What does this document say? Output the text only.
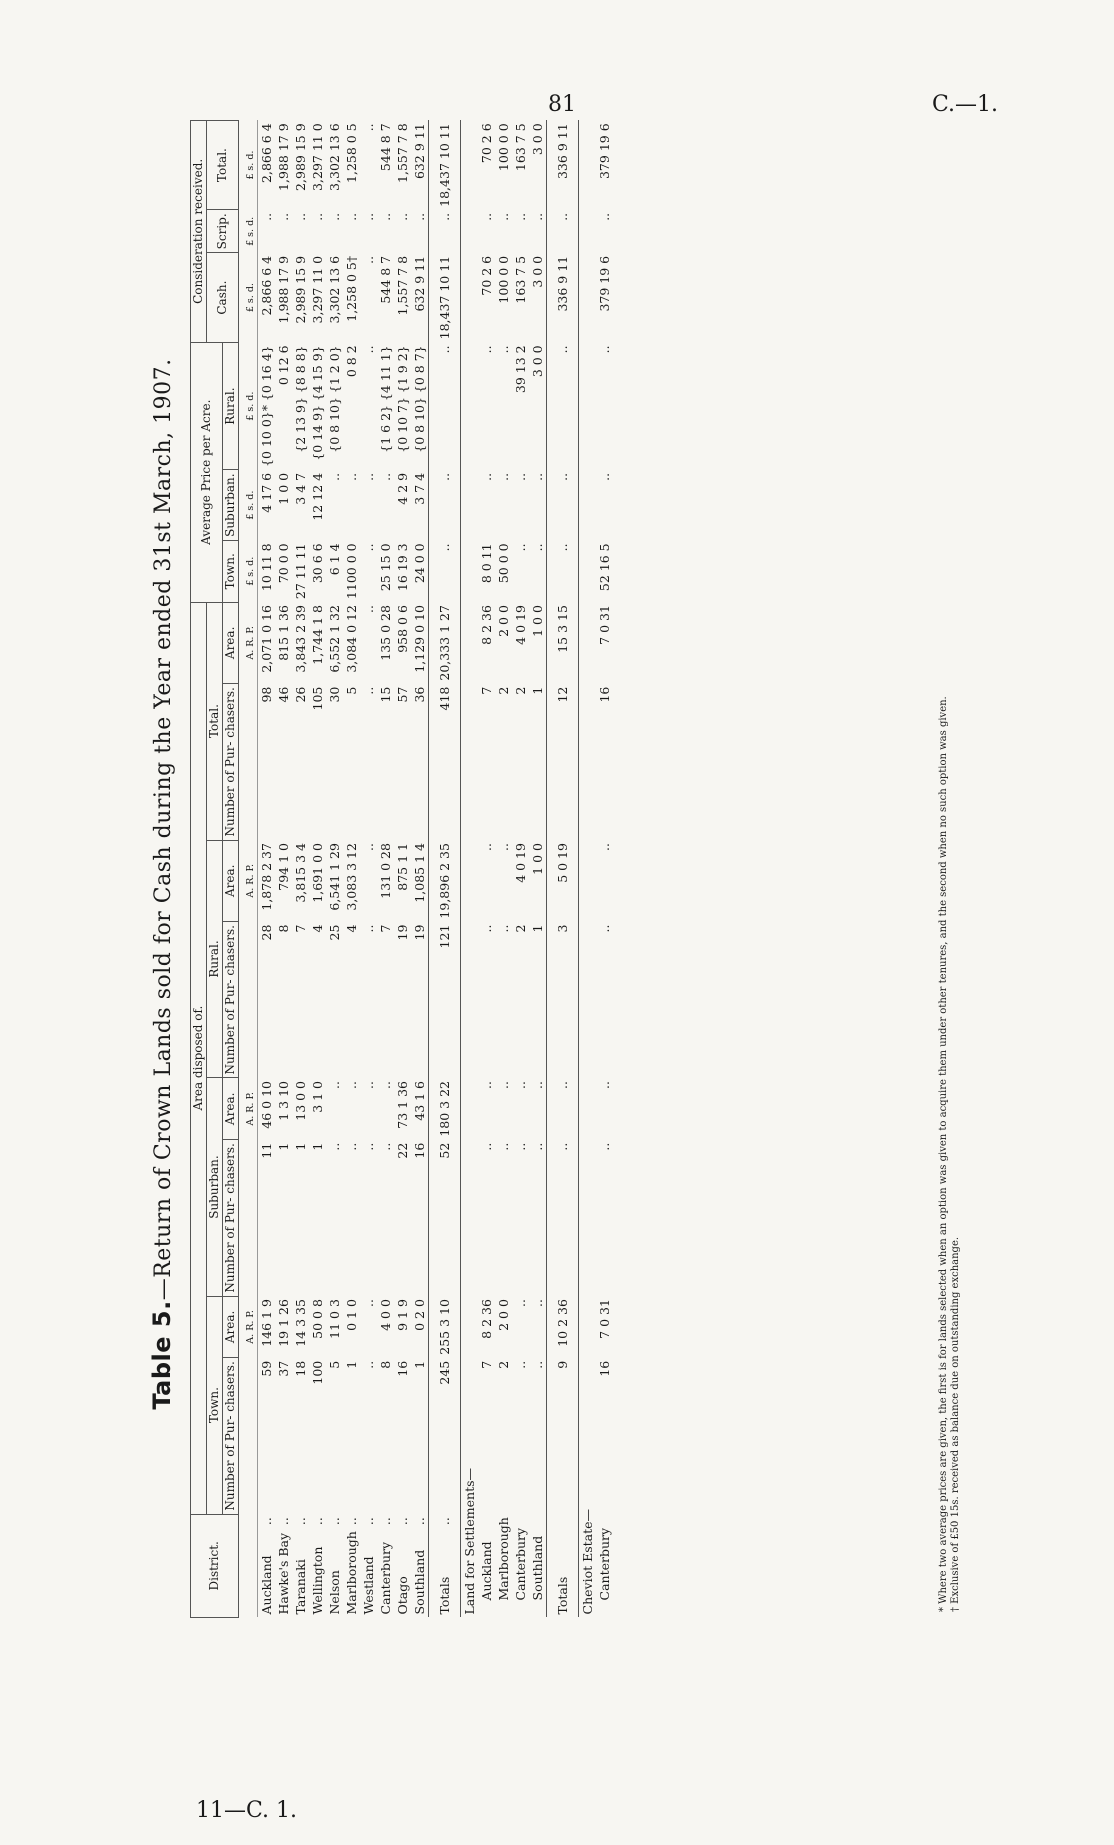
81	C.—1.
11—C. 1.
Table 5.—Return of Crown Lands sold for Cash during the Year ended 31st March, 1907.
District.	Area disposed of.								Average Price per Acre.			Consideration received.		
	Town.		Suburban.		Rural.		Total.					Cash.	Scrip.	Total.
	Number of Pur- chasers.	Area.	Number of Pur- chasers.	Area.	Number of Pur- chasers.	Area.	Number of Pur- chasers.	Area.	Town.	Suburban.	Rural.			
		A. R. P.		A. R. P.		A. R. P.		A. R. P.	£ s. d.	£ s. d.	£ s. d.	£ s. d.	£ s. d.	£ s. d.

..
Auckland	59	146 1 9	11	46 0 10	28	1,878 2 37	98	2,071 0 16	10 11 8	4 17 6	{0 10 0}* {0 16 4}	2,866 6 4	..	2,866 6 4

..
Hawke's Bay	37	19 1 26	1	1 3 10	8	794 1 0	46	815 1 36	70 0 0	1 0 0	0 12 6	1,988 17 9	..	1,988 17 9

..
Taranaki	18	14 3 35	1	13 0 0	7	3,815 3 4	26	3,843 2 39	27 11 11	3 4 7	{2 13 9} {8 8 8}	2,989 15 9	..	2,989 15 9

..
Wellington	100	50 0 8	1	3 1 0	4	1,691 0 0	105	1,744 1 8	30 6 6	12 12 4	{0 14 9} {4 15 9}	3,297 11 0	..	3,297 11 0

..
Nelson	5	11 0 3	..	..	25	6,541 1 29	30	6,552 1 32	6 1 4	..	{0 8 10} {1 2 0}	3,302 13 6	..	3,302 13 6

..
Marlborough	1	0 1 0	..	..	4	3,083 3 12	5	3,084 0 12	1100 0 0	..	0 8 2	1,258 0 5†	..	1,258 0 5

..
Westland	..	..	..	..	..	..	..	..	..	..	..	..	..	..

..
Canterbury	8	4 0 0	..	..	7	131 0 28	15	135 0 28	25 15 0	..	{1 6 2} {4 11 1}	544 8 7	..	544 8 7

..
Otago	16	9 1 9	22	73 1 36	19	875 1 1	57	958 0 6	16 19 3	4 2 9	{0 10 7} {1 9 2}	1,557 7 8	..	1,557 7 8

..
Southland	1	0 2 0	16	43 1 6	19	1,085 1 4	36	1,129 0 10	24 0 0	3 7 4	{0 8 10} {0 8 7}	632 9 11	..	632 9 11

..
Totals	245	255 3 10	52	180 3 22	121	19,896 2 35	418	20,333 1 27	..	..	..	18,437 10 11	..	18,437 10 11
Land for Settlements—														
Auckland	7	8 2 36	..	..	..	..	7	8 2 36	8 0 11	..	..	70 2 6	..	70 2 6
Marlborough	2	2 0 0	..	..	..	..	2	2 0 0	50 0 0	..	..	100 0 0	..	100 0 0
Canterbury	..	..	..	..	2	4 0 19	2	4 0 19	..	..	39 13 2	163 7 5	..	163 7 5
Southland	..	..	..	..	1	1 0 0	1	1 0 0	..	..	3 0 0	3 0 0	..	3 0 0
Totals	9	10 2 36	..	..	3	5 0 19	12	15 3 15	..	..	..	336 9 11	..	336 9 11
Cheviot Estate—														
Canterbury	16	7 0 31	..	..	..	..	16	7 0 31	52 16 5	..	..	379 19 6	..	379 19 6
* Where two average prices are given, the first is for lands selected when an option was given to acquire them under other tenures, and the second when no such option was given. † Exclusive of £50 15s. received as balance due on outstanding exchange.
